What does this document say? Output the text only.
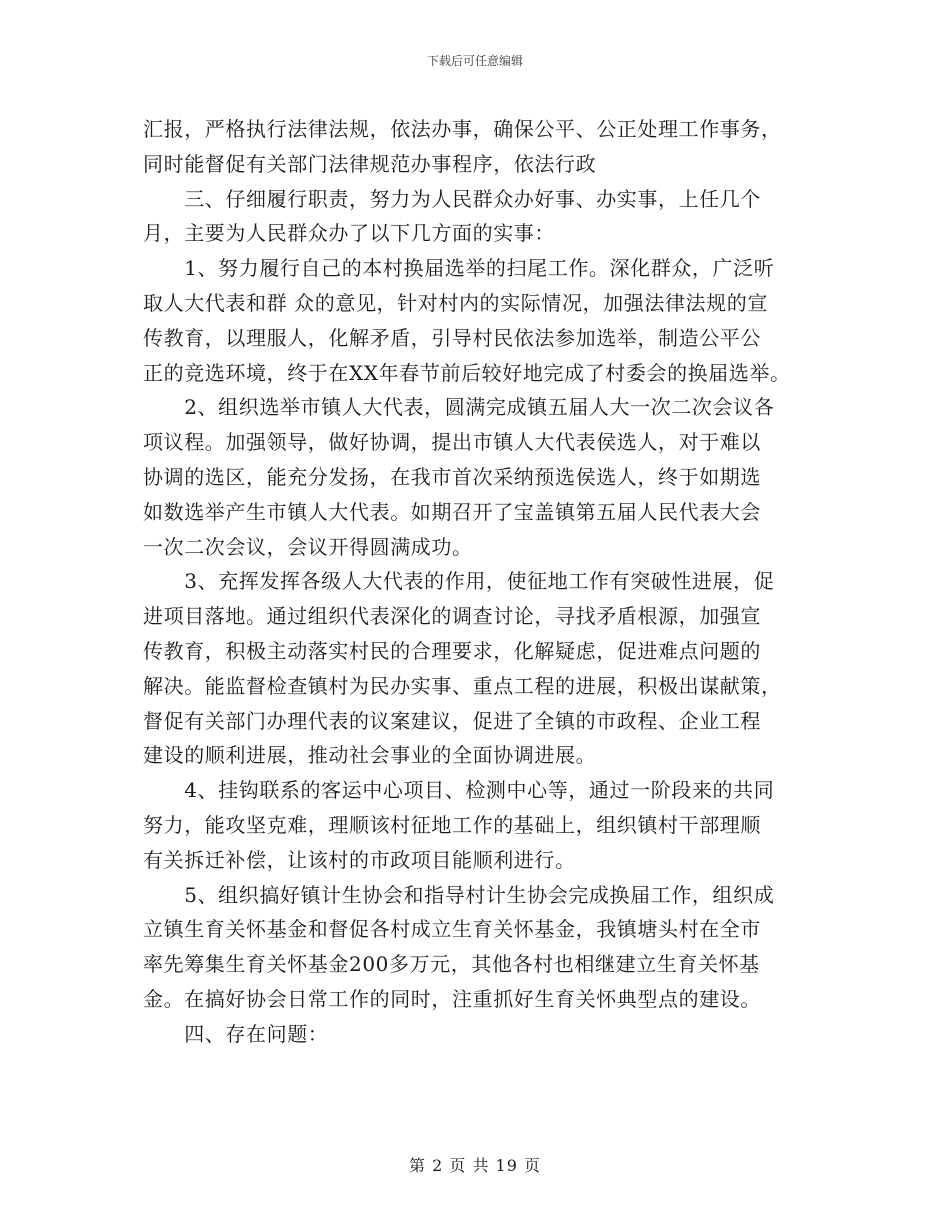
下载后可任意编辑
汇报，严格执行法律法规，依法办事，确保公平、公正处理工作事务，
同时能督促有关部门法律规范办事程序，依法行政
　　三、仔细履行职责，努力为人民群众办好事、办实事，上任几个
月，主要为人民群众办了以下几方面的实事：
　　1、努力履行自己的本村换届选举的扫尾工作。深化群众，广泛听
取人大代表和群 众的意见，针对村内的实际情况，加强法律法规的宣
传教育，以理服人，化解矛盾，引导村民依法参加选举，制造公平公
正的竞选环境，终于在XX年春节前后较好地完成了村委会的换届选举。
　　2、组织选举市镇人大代表，圆满完成镇五届人大一次二次会议各
项议程。加强领导，做好协调，提出市镇人大代表侯选人，对于难以
协调的选区，能充分发扬，在我市首次采纳预选侯选人，终于如期选
如数选举产生市镇人大代表。如期召开了宝盖镇第五届人民代表大会
一次二次会议，会议开得圆满成功。
　　3、充挥发挥各级人大代表的作用，使征地工作有突破性进展，促
进项目落地。通过组织代表深化的调查讨论，寻找矛盾根源，加强宣
传教育，积极主动落实村民的合理要求，化解疑虑，促进难点问题的
解决。能监督检查镇村为民办实事、重点工程的进展，积极出谋献策，
督促有关部门办理代表的议案建议，促进了全镇的市政程、企业工程
建设的顺利进展，推动社会事业的全面协调进展。
　　4、挂钩联系的客运中心项目、检测中心等，通过一阶段来的共同
努力，能攻坚克难，理顺该村征地工作的基础上，组织镇村干部理顺
有关拆迁补偿，让该村的市政项目能顺利进行。
　　5、组织搞好镇计生协会和指导村计生协会完成换届工作，组织成
立镇生育关怀基金和督促各村成立生育关怀基金，我镇塘头村在全市
率先筹集生育关怀基金200多万元，其他各村也相继建立生育关怀基
金。在搞好协会日常工作的同时，注重抓好生育关怀典型点的建设。
　　四、存在问题：
第 2 页 共 19 页
